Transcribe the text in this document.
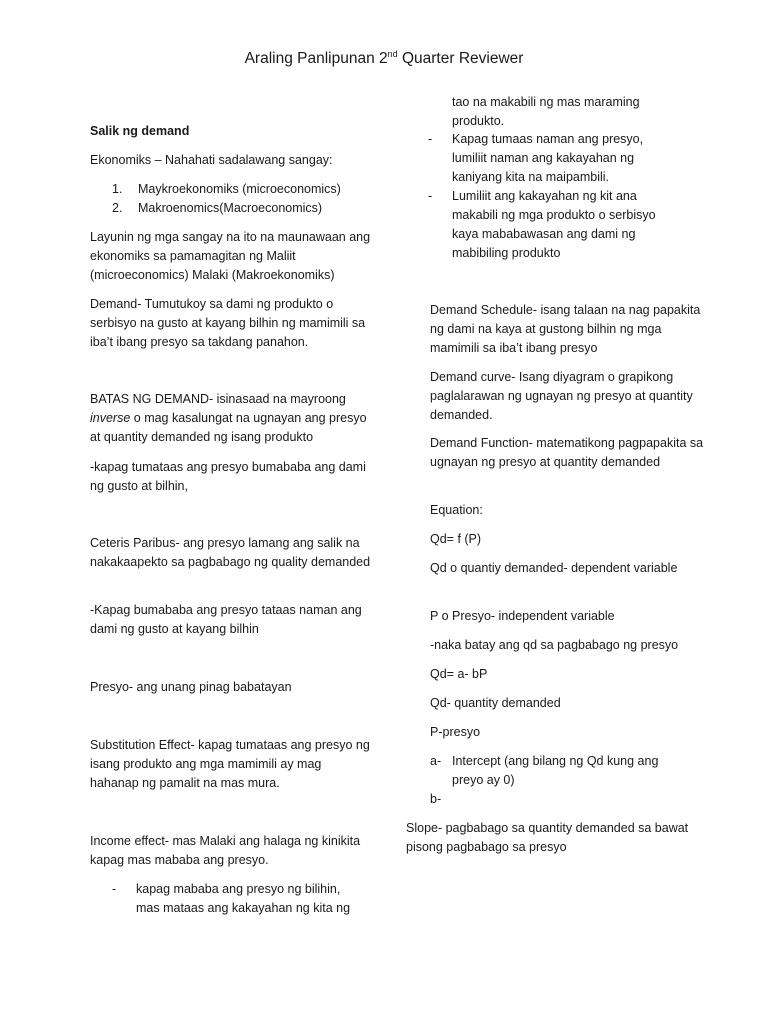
Araling Panlipunan 2nd Quarter Reviewer

Salik ng demand

Ekonomiks – Nahahati sadalawang sangay:

1. Maykroekonomiks (microeconomics)
2. Makroenomics(Macroeconomics)

Layunin ng mga sangay na ito na maunawaan ang ekonomiks sa pamamagitan ng Maliit (microeconomics) Malaki (Makroekonomiks)

Demand- Tumutukoy sa dami ng produkto o serbisyo na gusto at kayang bilhin ng mamimili sa iba’t ibang presyo sa takdang panahon.

BATAS NG DEMAND- isinasaad na mayroong inverse o mag kasalungat na ugnayan ang presyo at quantity demanded ng isang produkto

-kapag tumataas ang presyo bumababa ang dami ng gusto at bilhin,

Ceteris Paribus- ang presyo lamang ang salik na nakakaapekto sa pagbabago ng quality demanded

-Kapag bumababa ang presyo tataas naman ang dami ng gusto at kayang bilhin

Presyo- ang unang pinag babatayan

Substitution Effect- kapag tumataas ang presyo ng isang produkto ang mga mamimili ay mag hahanap ng pamalit na mas mura.

Income effect- mas Malaki ang halaga ng kinikita kapag mas mababa ang presyo.

- kapag mababa ang presyo ng bilihin, mas mataas ang kakayahan ng kita ng

tao na makabili ng mas maraming produkto.

- Kapag tumaas naman ang presyo, lumiliit naman ang kakayahan ng kaniyang kita na maipambili.
- Lumiliit ang kakayahan ng kit ana makabili ng mga produkto o serbisyo kaya mababawasan ang dami ng mabibiling produkto

Demand Schedule- isang talaan na nag papakita ng dami na kaya at gustong bilhin ng mga mamimili sa iba’t ibang presyo

Demand curve- Isang diyagram o grapikong paglalarawan ng ugnayan ng presyo at quantity demanded.

Demand Function- matematikong pagpapakita sa ugnayan ng presyo at quantity demanded

Equation:

Qd= f (P)

Qd o quantiy demanded- dependent variable

P o Presyo- independent variable

-naka batay ang qd sa pagbabago ng presyo

Qd= a- bP

Qd- quantity demanded

P-presyo

a- Intercept (ang bilang ng Qd kung ang preyo ay 0)
b-

Slope- pagbabago sa quantity demanded sa bawat pisong pagbabago sa presyo
